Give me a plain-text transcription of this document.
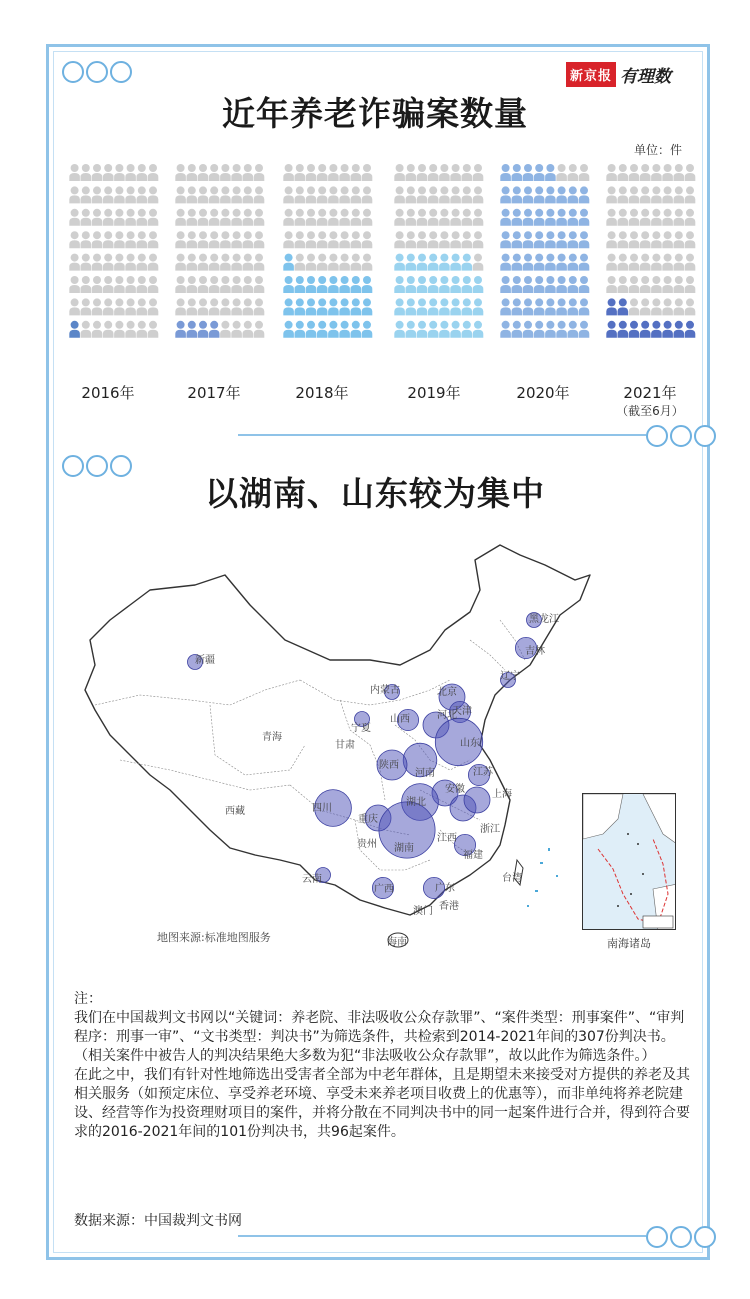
新京报 有理数
近年养老诈骗案数量
单位：件
2016年	2017年	2018年	2019年	2020年	2021年
（截至6月）
以湖南、山东较为集中
新疆
青海
西藏
甘肃
宁夏
陕西
内蒙古
黑龙江
吉林
辽宁
北京
天津
河北
山西
山东
河南	江苏
安徽	上海
湖北
四川
重庆
贵州 湖南
江西
浙江
福建
台湾
云南
广西	广东
香港
澳门
海南
地图来源:标准地图服务	南海诸岛

注：

我们在中国裁判文书网以“关键词：养老院、非法吸收公众存款罪”、“案件类型：刑事案件”、“审判程序：刑事一审”、“文书类型：判决书”为筛选条件，共检索到2014-2021年间的307份判决书。（相关案件中被告人的判决结果绝大多数为犯“非法吸收公众存款罪”，故以此作为筛选条件。）

在此之中，我们有针对性地筛选出受害者全部为中老年群体，且是期望未来接受对方提供的养老及其相关服务（如预定床位、享受养老环境、享受未来养老项目收费上的优惠等），而非单纯将养老院建设、经营等作为投资理财项目的案件，并将分散在不同判决书中的同一起案件进行合并，得到符合要求的2016-2021年间的101份判决书，共96起案件。

数据来源：中国裁判文书网
